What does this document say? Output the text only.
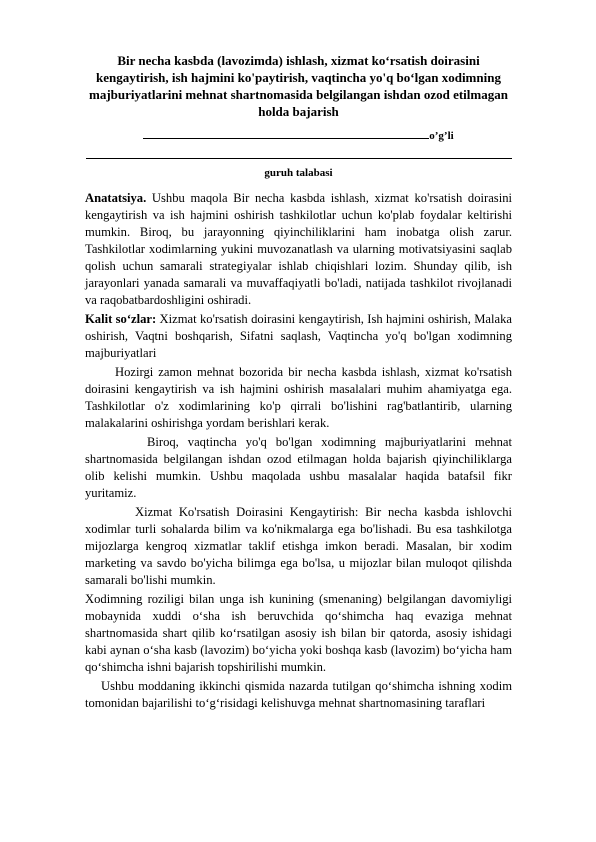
Bir necha kasbda (lavozimda) ishlash, xizmat ko‘rsatish doirasini kengaytirish, ish hajmini ko'paytirish, vaqtincha yo'q bo‘lgan xodimning majburiyatlarini mehnat shartnomasida belgilangan ishdan ozod etilmagan holda bajarish
o’g’li
guruh talabasi

Anatatsiya. Ushbu maqola Bir necha kasbda ishlash, xizmat ko'rsatish doirasini kengaytirish va ish hajmini oshirish tashkilotlar uchun ko'plab foydalar keltirishi mumkin. Biroq, bu jarayonning qiyinchiliklarini ham inobatga olish zarur. Tashkilotlar xodimlarning yukini muvozanatlash va ularning motivatsiyasini saqlab qolish uchun samarali strategiyalar ishlab chiqishlari lozim. Shunday qilib, ish jarayonlari yanada samarali va muvaffaqiyatli bo'ladi, natijada tashkilot rivojlanadi va raqobatbardoshligini oshiradi.

Kalit so‘zlar: Xizmat ko'rsatish doirasini kengaytirish, Ish hajmini oshirish, Malaka oshirish, Vaqtni boshqarish, Sifatni saqlash, Vaqtincha yo'q bo'lgan xodimning majburiyatlari

Hozirgi zamon mehnat bozorida bir necha kasbda ishlash, xizmat ko'rsatish doirasini kengaytirish va ish hajmini oshirish masalalari muhim ahamiyatga ega. Tashkilotlar o'z xodimlarining ko'p qirrali bo'lishini rag'batlantirib, ularning malakalarini oshirishga yordam berishlari kerak.

Biroq, vaqtincha yo'q bo'lgan xodimning majburiyatlarini mehnat shartnomasida belgilangan ishdan ozod etilmagan holda bajarish qiyinchiliklarga olib kelishi mumkin. Ushbu maqolada ushbu masalalar haqida batafsil fikr yuritamiz.

Xizmat Ko'rsatish Doirasini Kengaytirish: Bir necha kasbda ishlovchi xodimlar turli sohalarda bilim va ko'nikmalarga ega bo'lishadi. Bu esa tashkilotga mijozlarga kengroq xizmatlar taklif etishga imkon beradi. Masalan, bir xodim marketing va savdo bo'yicha bilimga ega bo'lsa, u mijozlar bilan muloqot qilishda samarali bo'lishi mumkin.

Xodimning roziligi bilan unga ish kunining (smenaning) belgilangan davomiyligi mobaynida xuddi o‘sha ish beruvchida qo‘shimcha haq evaziga mehnat shartnomasida shart qilib ko‘rsatilgan asosiy ish bilan bir qatorda, asosiy ishidagi kabi aynan o‘sha kasb (lavozim) bo‘yicha yoki boshqa kasb (lavozim) bo‘yicha ham qo‘shimcha ishni bajarish topshirilishi mumkin.

Ushbu moddaning ikkinchi qismida nazarda tutilgan qo‘shimcha ishning xodim tomonidan bajarilishi to‘g‘risidagi kelishuvga mehnat shartnomasining taraflari
